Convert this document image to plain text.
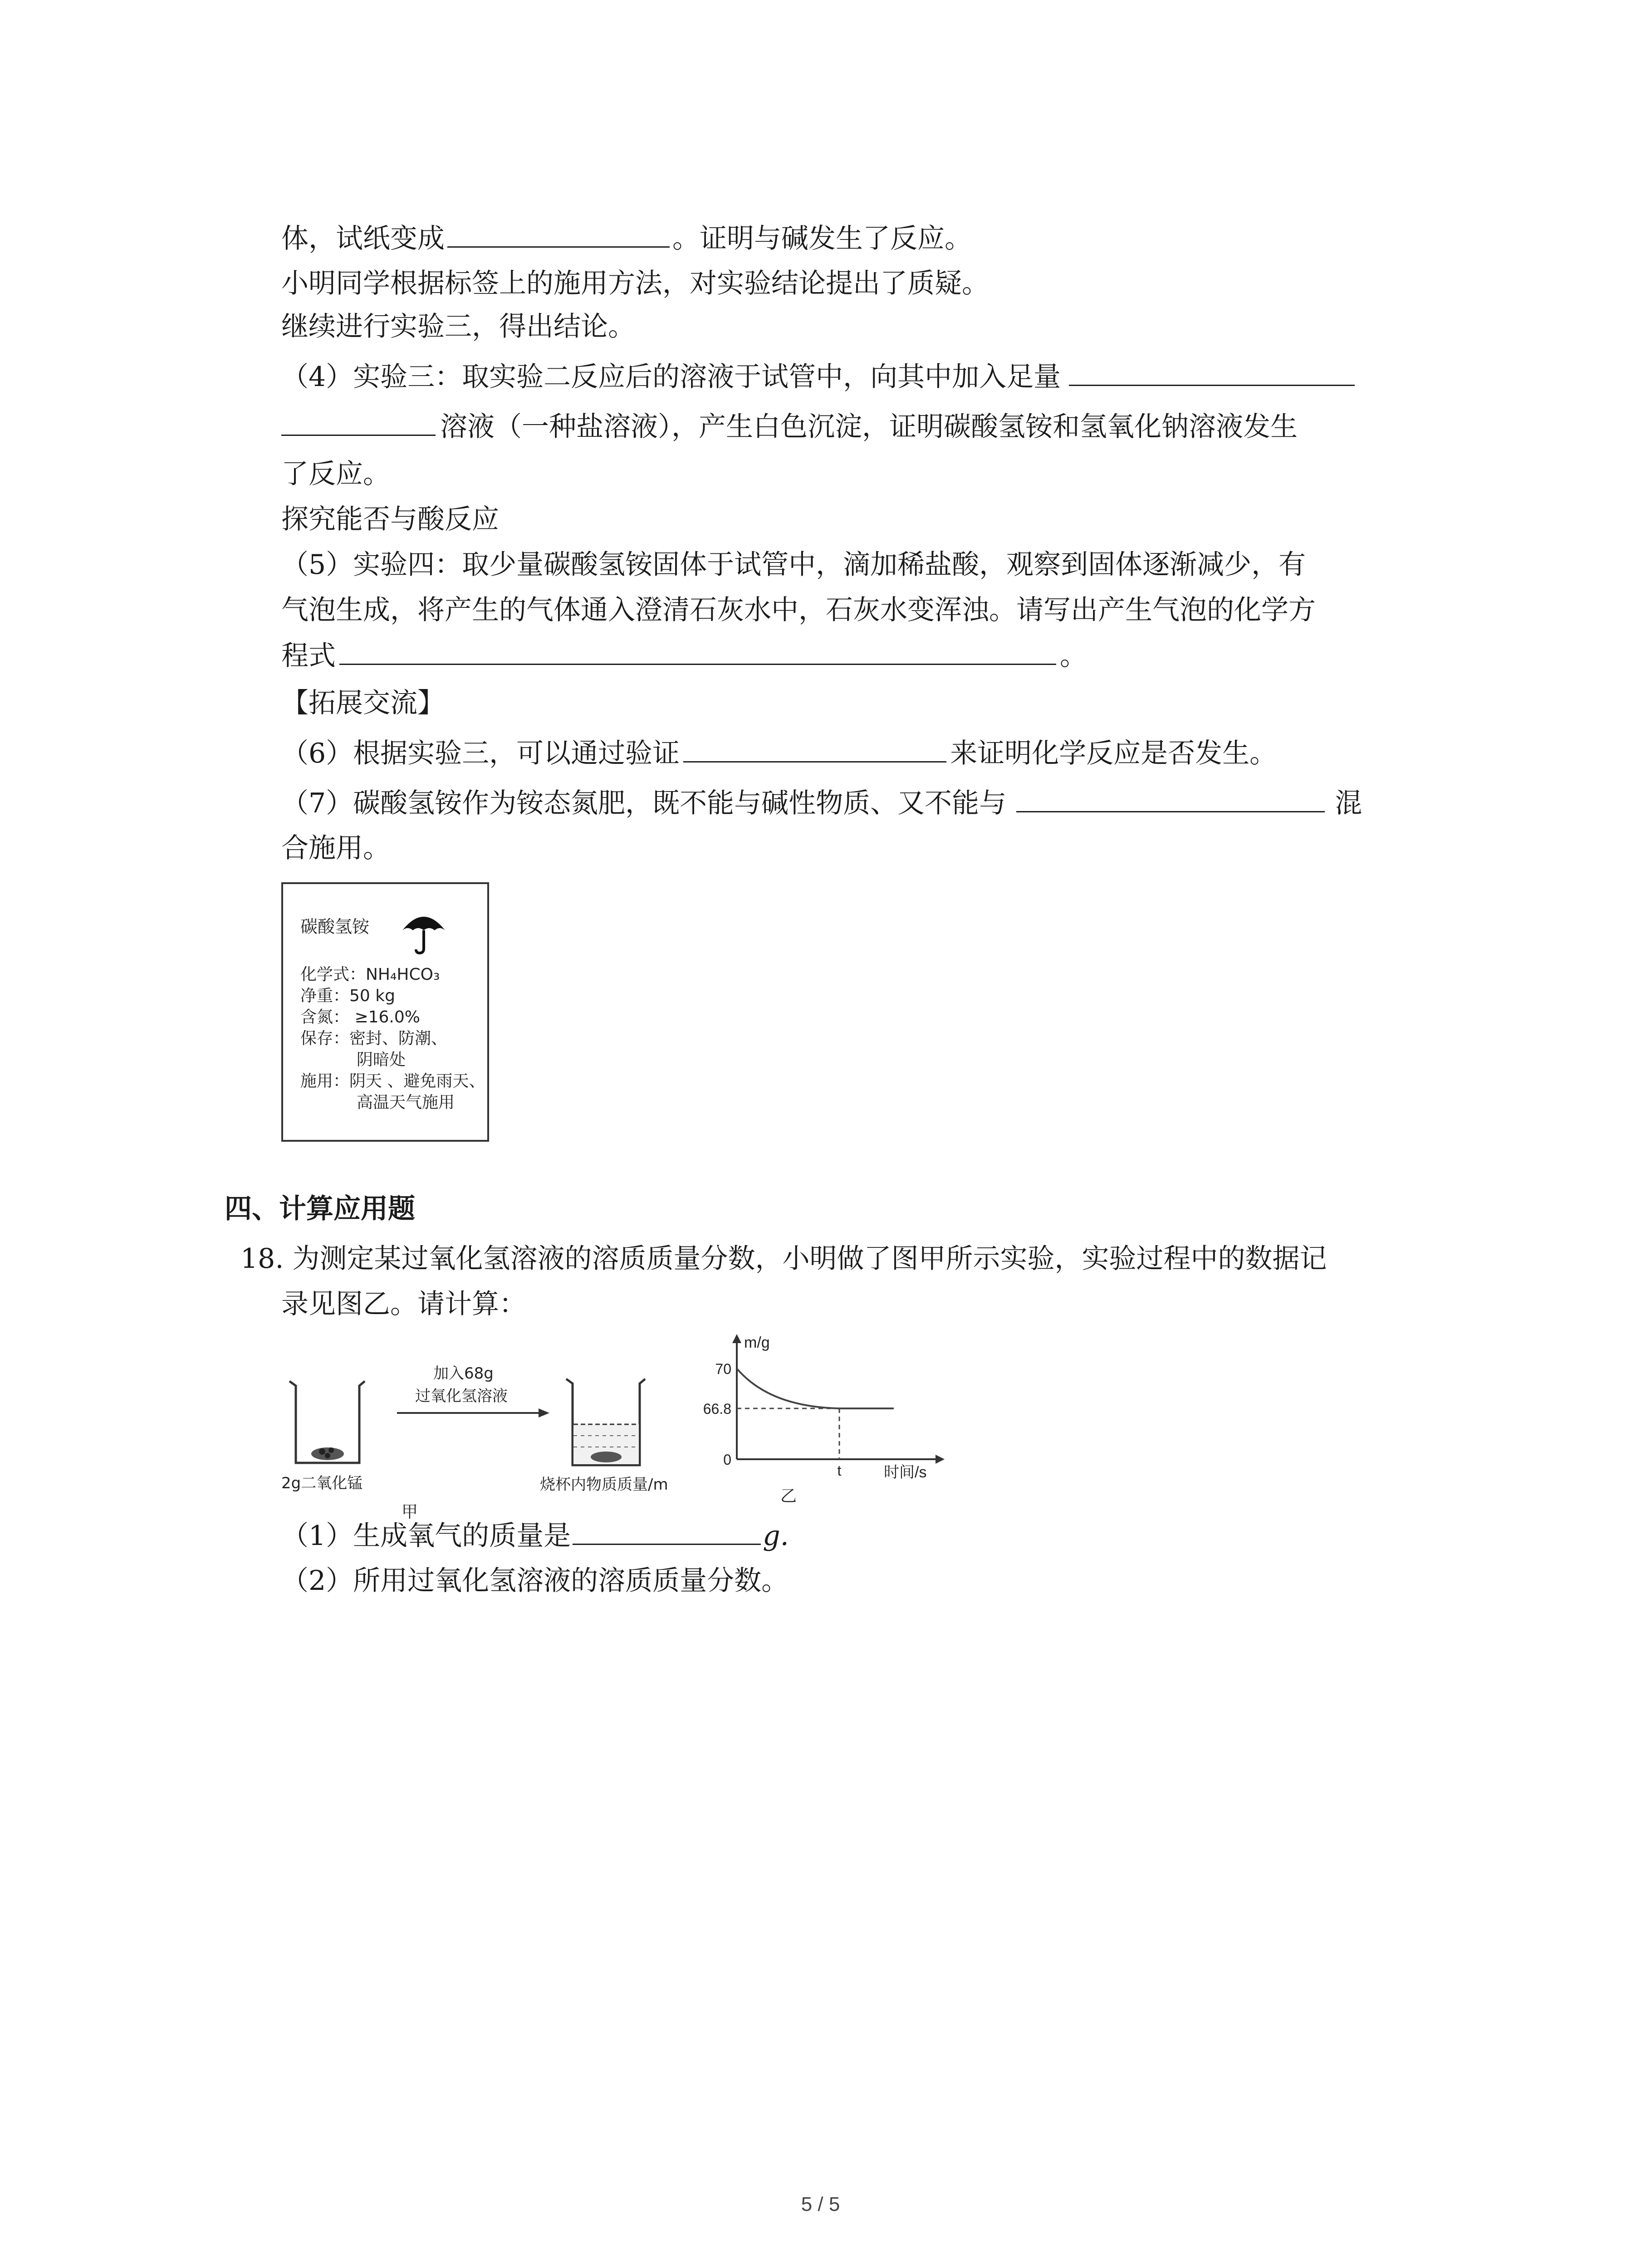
体，试纸变成	。证明与碱发生了反应。
小明同学根据标签上的施用方法，对实验结论提出了质疑。
继续进行实验三，得出结论。
（4）实验三：取实验二反应后的溶液于试管中，向其中加入足量
溶液（一种盐溶液），产生白色沉淀，证明碳酸氢铵和氢氧化钠溶液发生
了反应。
探究能否与酸反应
（5）实验四：取少量碳酸氢铵固体于试管中，滴加稀盐酸，观察到固体逐渐减少，有
气泡生成，将产生的气体通入澄清石灰水中，石灰水变浑浊。请写出产生气泡的化学方
程式	。
【拓展交流】
（6）根据实验三，可以通过验证	来证明化学反应是否发生。
（7）碳酸氢铵作为铵态氮肥，既不能与碱性物质、又不能与	混
合施用。
碳酸氢铵
化学式：NH₄HCO₃
净重：50 kg
含氮： ≥16.0%
保存：密封、防潮、
阴暗处
施用：阴天 、避免雨天、
高温天气施用
四、计算应用题
18. 为测定某过氧化氢溶液的溶质质量分数，小明做了图甲所示实验，实验过程中的数据记
录见图乙。请计算：
2g二氧化锰
加入68g
过氧化氢溶液
烧杯内物质质量/m
甲
m/g
时间/s
0
66.8
70
t
乙
（1）生成氧气的质量是	g.
（2）所用过氧化氢溶液的溶质质量分数。
5 / 5
